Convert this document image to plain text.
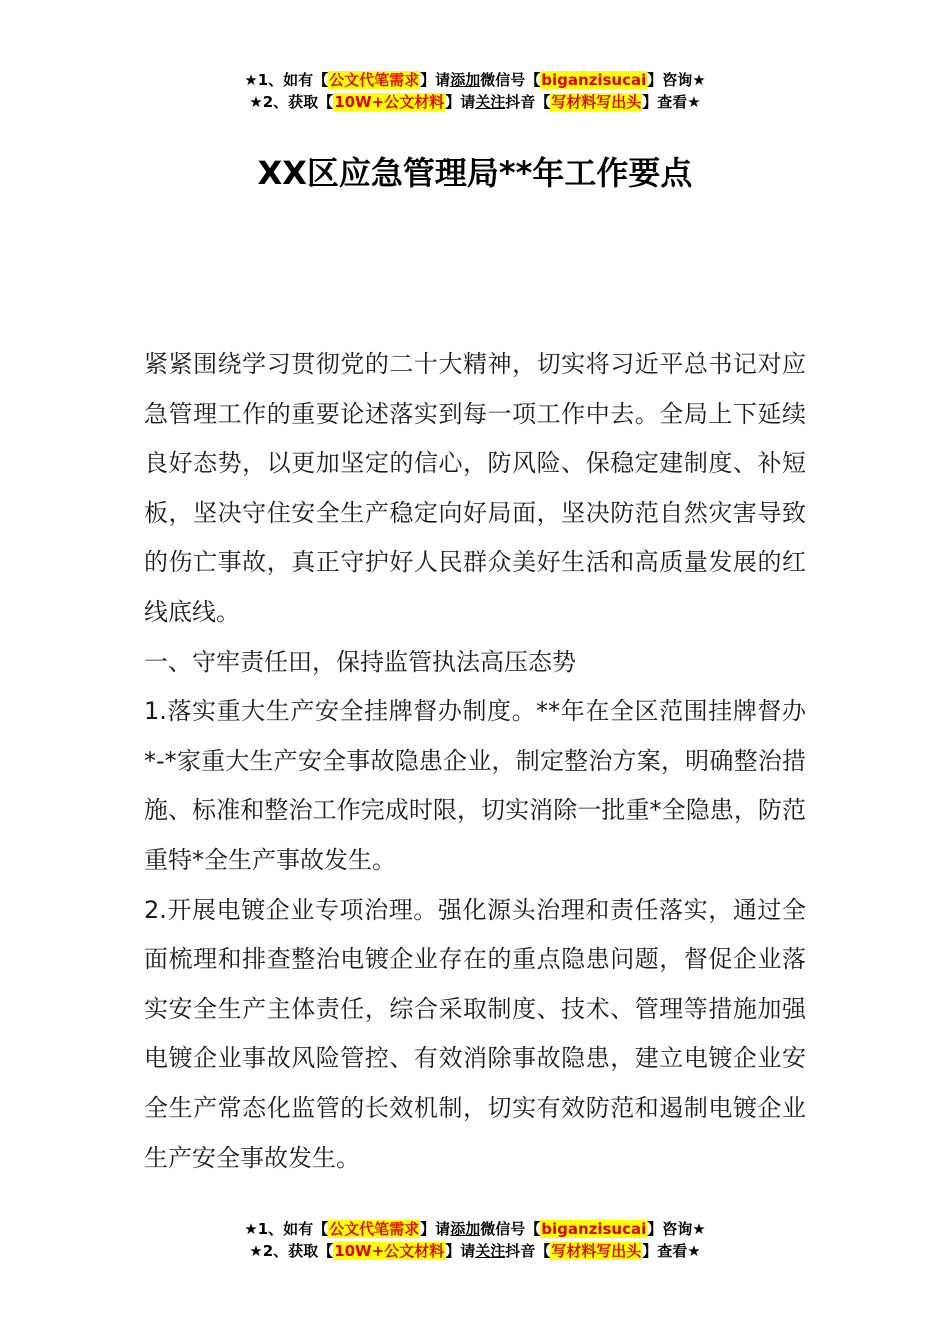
★1、如有【公文代笔需求】请添加微信号【biganzisucai】咨询★
★2、获取【10W+公文材料】请关注抖音【写材料写出头】查看★
XX区应急管理局**年工作要点

紧紧围绕学习贯彻党的二十大精神，切实将习近平总书记对应急管理工作的重要论述落实到每一项工作中去。全局上下延续良好态势，以更加坚定的信心，防风险、保稳定建制度、补短板，坚决守住安全生产稳定向好局面，坚决防范自然灾害导致的伤亡事故，真正守护好人民群众美好生活和高质量发展的红线底线。

一、守牢责任田，保持监管执法高压态势

1.落实重大生产安全挂牌督办制度。**年在全区范围挂牌督办*-*家重大生产安全事故隐患企业，制定整治方案，明确整治措施、标准和整治工作完成时限，切实消除一批重*全隐患，防范重特*全生产事故发生。

2.开展电镀企业专项治理。强化源头治理和责任落实，通过全面梳理和排查整治电镀企业存在的重点隐患问题，督促企业落实安全生产主体责任，综合采取制度、技术、管理等措施加强电镀企业事故风险管控、有效消除事故隐患，建立电镀企业安全生产常态化监管的长效机制，切实有效防范和遏制电镀企业生产安全事故发生。

★1、如有【公文代笔需求】请添加微信号【biganzisucai】咨询★
★2、获取【10W+公文材料】请关注抖音【写材料写出头】查看★
